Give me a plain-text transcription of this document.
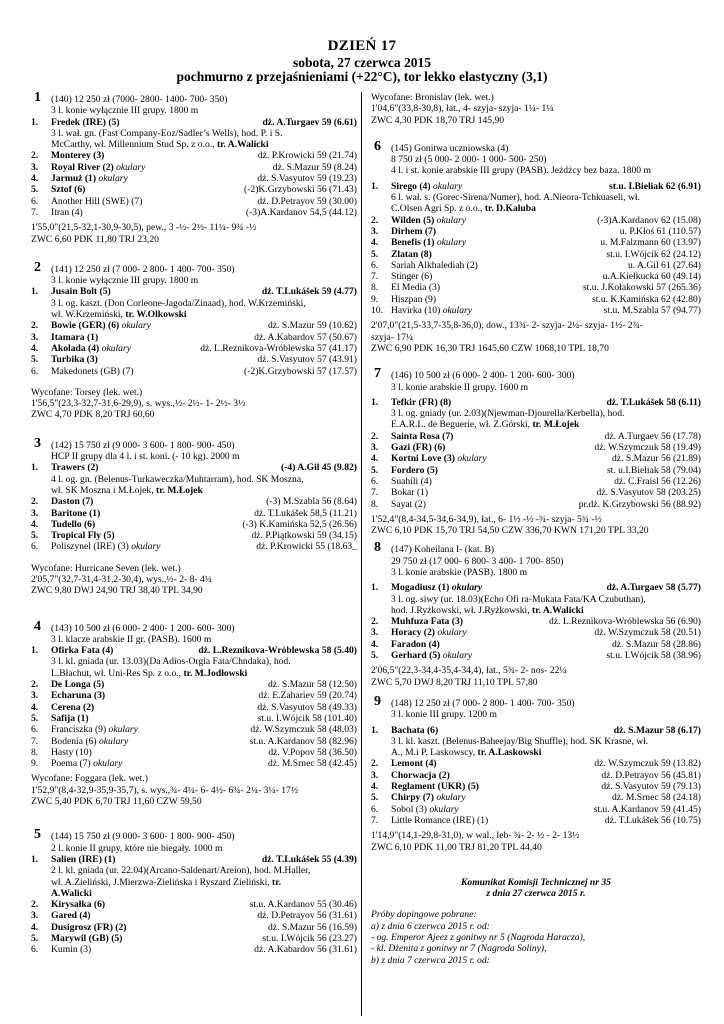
DZIEŃ 17
sobota, 27 czerwca 2015
pochmurno z przejaśnieniami (+22°C), tor lekko elastyczny (3,1)
1	(140) 12 250 zł (7000- 2800- 1400- 700- 350)
3 l. konie wyłącznie III grupy. 1800 m
1.	Fredek (IRE) (5)	dż. A.Turgaev 59 (6.61)
3 l. wał. gn. (Fast Company-Eoz/Sadler’s Wells), hod. P. i S.
McCarthy, wł. Millennium Stud Sp. z o.o., tr. A.Walicki
2.	Monterey (3)	dż. P.Krowicki 59 (21.74)
3.	Royal River (2) okulary	dż. S.Mazur 59 (8.24)
4.	Jarmuż (1) okulary	dż. S.Vasyutov 59 (19.23)
5.	Sztof (6)	(-2)K.Grzybowski 56 (71.43)
6.	Another Hill (SWE) (7)	dż. D.Petrayov 59 (30.00)
7.	Itran (4)	(-3)A.Kardanov 54,5 (44.12)
1'55,0"(21,5-32,1-30,9-30,5), pew., 3 -½- 2½- 11¼- 9¾ -½
ZWC 6,60 PDK 11,80 TRJ 23,20
2	(141) 12 250 zł (7 000- 2 800- 1 400- 700- 350)
3 l. konie wyłącznie III grupy. 1800 m
1.	Jusain Bolt (5)	dż. T.Lukášek 59 (4.77)
3 l. og. kaszt. (Don Corleone-Jagoda/Zinaad), hod. W.Krzemiński,
wł. W.Krzemiński, tr. W.Olkowski
2.	Bowie (GER) (6) okulary	dż. S.Mazur 59 (10.62)
3.	Itamara (1)	dż. A.Kabardov 57 (50.67)
4.	Akolada (4) okulary	dż. L.Reznikova-Wróblewska 57 (41.17)
5.	Turbika (3)	dż. S.Vasyutov 57 (43.91)
6.	Makedonets (GB) (7)	(-2)K.Grzybowski 57 (17.57)
Wycofane: Torsey (lek. wet.)
1'56,5"(23,3-32,7-31,6-29,9), s. wys.,½- 2½- 1- 2½- 3½
ZWC 4,70 PDK 8,20 TRJ 60,60
3	(142) 15 750 zł (9 000- 3 600- 1 800- 900- 450)
HCP II grupy dla 4 l. i st. koni. (- 10 kg). 2000 m
1.	Trawers (2)	(-4) A.Gil 45 (9.82)
4 l. og. gn. (Belenus-Turkaweczka/Muhtarram), hod. SK Moszna,
wł. SK Moszna i M.Łojek, tr. M.Łojek
2.	Daston (7)	(-3) M.Szabla 56 (8.64)
3.	Baritone (1)	dż. T.Lukášek 58,5 (11.21)
4.	Tudello (6)	(-3) K.Kamińska 52,5 (26.56)
5.	Tropical Fly (5)	dż. P.Piątkowski 59 (34.15)
6.	Poliszynel (IRE) (3) okulary	dż. P.Krowicki 55 (18.63_
Wycofane: Hurricane Seven (lek. wet.)
2'05,7"(32,7-31,4-31,2-30,4), wys.,½- 2- 8- 4¼
ZWC 9,80 DWJ 24,90 TRJ 38,40 TPL 34,90
4	(143) 10 500 zł (6 000- 2 400- 1 200- 600- 300)
3 l. klacze arabskie II gr. (PASB). 1600 m
1.	Ofirka Fata (4)	dż. L.Reznikova-Wróblewska 58 (5.40)
3 l. kl. gniada (ur. 13.03)(Da Adios-Orgia Fata/Chndaka), hod.
L.Błachut, wł. Uni-Res Sp. z o.o., tr. M.Jodłowski
2.	De Longa (5)	dż. S.Mazur 58 (12.50)
3.	Echaruna (3)	dż. E.Zahariev 59 (20.74)
4.	Cerena (2)	dż. S.Vasyutov 58 (49.33)
5.	Safija (1)	st.u. I.Wójcik 58 (101.40)
6.	Franciszka (9) okulary	dż. W.Szymczuk 58 (48.03)
7.	Bodenia (6) okulary	st.u. A.Kardanov 58 (82.96)
8.	Hasty (10)	dż. V.Popov 58 (36.50)
9.	Poema (7) okulary	dż. M.Srnec 58 (42.45)
Wycofane: Foggara (lek. wet.)
1'52,9"(8,4-32,9-35,9-35,7), s. wys.,¾- 4¼- 6- 4½- 6¾- 2¼- 3¼- 17½
ZWC 5,40 PDK 6,70 TRJ 11,60 CZW 59,50
5	(144) 15 750 zł (9 000- 3 600- 1 800- 900- 450)
2 l. konie II grupy, które nie biegały. 1000 m
1.	Salien (IRE) (1)	dż. T.Lukášek 55 (4.39)
2 l. kl. gniada (ur. 22.04)(Arcano-Saldenart/Areion), hod. M.Haller,
wł. A.Zieliński, J.Mierzwa-Zielińska i Ryszard Zieliński, tr.
A.Walicki
2.	Kirysałka (6)	st.u. A.Kardanov 55 (30.46)
3.	Gared (4)	dż. D.Petrayov 56 (31.61)
4.	Dusigrosz (FR) (2)	dż. S.Mazur 56 (16.59)
5.	Marywil (GB) (5)	st.u. I.Wójcik 56 (23.27)
6.	Kumin (3)	dż. A.Kabardov 56 (31.61)
Wycofane: Bronislav (lek. wet.)
1'04,6"(33,8-30,8), łat., 4- szyja- szyja- 1¼- 1¼
ZWC 4,30 PDK 18,70 TRJ 145,90
6	(145) Gonitwa uczniowska (4)
8 750 zł (5 000- 2 000- 1 000- 500- 250)
4 l. i st. konie arabskie III grupy (PASB). Jeźdźcy bez baza. 1800 m
1.	Sirego (4) okulary	st.u. I.Bieliak 62 (6.91)
6 l. wał. s. (Gorec-Sirena/Numer), hod. A.Nieora-Tchkuaseli, wł.
C.Olsen Agri Sp. z o.o., tr. D.Kaluba
2.	Wilden (5) okulary	(-3)A.Kardanov 62 (15.08)
3.	Dirhem (7)	u. P.Kłoś 61 (110.57)
4.	Benefis (1) okulary	u. M.Falzmann 60 (13.97)
5.	Zlatan (8)	st.u. I.Wójcik 62 (24.12)
6.	Sariah Alkhaledіah (2)	u. A.Gil 61 (27.64)
7.	Stinger (6)	u.A.Kiełkucka 60 (49.14)
8.	El Media (3)	st.u. J.Kołakowski 57 (265.36)
9.	Hiszpan (9)	st.u. K.Kamińska 62 (42.80)
10. Havirka (10) okulary	st.u. M.Szabla 57 (94.77)
2'07,0"(21,5-33,7-35,8-36,0), dow., 13¾- 2- szyja- 2¼- szyja- 1½- 2¾-
szyja- 17¼
ZWC 6,90 PDK 16,30 TRJ 1645,60 CZW 1068,10 TPL 18,70
7	(146) 10 500 zł (6 000- 2 400- 1 200- 600- 300)
3 l. konie arabskie II grupy. 1600 m
1.	Tefkir (FR) (8)	dż. T.Lukášek 58 (6.11)
3 l. og. gniady (ur. 2.03)(Njewman-Djourella/Kerbella), hod.
E.A.R.L. de Beguerie, wł. Z.Górski, tr. M.Łojek
2.	Sainta Rosa (7)	dż. A.Turgaev 56 (17.78)
3.	Gazi (FR) (6)	dż. W.Szymczuk 58 (19.49)
4.	Kortni Love (3) okulary	dż. S.Mazur 56 (21.89)
5.	Fordero (5)	st. u.I.Bieliak 58 (79.04)
6.	Suahili (4)	dż. C.Fraisl 56 (12.26)
7.	Bokar (1)	dż. S.Vasyutov 58 (203.25)
8.	Sayat (2)	pr.dż. K.Grzybowski 56 (88.92)
1'52,4"(8,4-34,5-34,6-34,9), łat., 6- 1½ -½ -¾- szyja- 5¾ -½
ZWC 6,10 PDK 15,70 TRJ 54,50 CZW 336,70 KWN 171,20 TPL 33,20
8	(147) Koheilana I- (kat. B)
29 750 zł (17 000- 6 800- 3 400- 1 700- 850)
3 l. konie arabskie (PASB). 1800 m
1.	Mogadiusz (1) okulary	dż. A.Turgaev 58 (5.77)
3 l. og. siwy (ur. 18.03)(Echo Ofi ra-Mukata Fata/KA Czubuthan),
hod. J.Ryżkowski, wł. J.Ryżkowski, tr. A.Walicki
2.	Muhfuza Fata (3)	dż. L.Reznikova-Wróblewska 56 (6.90)
3.	Horacy (2) okulary	dż. W.Szymczuk 58 (20.51)
4.	Faradon (4)	dż. S.Mazur 58 (28.86)
5.	Gerhard (5) okulary	st.u. I.Wójcik 58 (38.96)
2'06,5"(22,3-34,4-35,4-34,4), łat., 5¾- 2- nos- 22¼
ZWC 5,70 DWJ 8,20 TRJ 11,10 TPL 57,80
9	(148) 12 250 zł (7 000- 2 800- 1 400- 700- 350)
3 l. konie III grupy. 1200 m
1.	Bachata (6)	dż. S.Mazur 58 (6.17)
3 l. kl. kaszt. (Belenus-Baheejay/Big Shuffle), hod. SK Krasne, wł.
A., M.i P. Laskowscy, tr. A.Laskowski
2.	Lemont (4)	dż. W.Szymczuk 59 (13.82)
3.	Chorwacja (2)	dż. D.Petrayov 56 (45.81)
4.	Reglament (UKR) (5)	dż. S.Vasyutov 59 (79.13)
5.	Chirpy (7) okulary	dż. M.Srnec 58 (24.18)
6.	Sobol (3) okulary	st.u. A.Kardanov 59 (41.45)
7.	Little Romance (IRE) (1)	dż. T.Lukášek 56 (10.75)
1'14,9"(14,1-29,8-31,0), w wal., leb- ¾- 2- ½ - 2- 13½
ZWC 6,10 PDK 11,00 TRJ 81,20 TPL 44,40
Komunikat Komisji Technicznej nr 35
z dnia 27 czerwca 2015 r.
Próby dopingowe pobrane:
a) z dnia 6 czerwca 2015 r. od:
- og. Emperor Ajeez z gonitwy nr 5 (Nagroda Haracza),
- kl. Dżenita z gonitwy nr 7 (Nagroda Soliny),
b) z dnia 7 czerwca 2015 r. od:
